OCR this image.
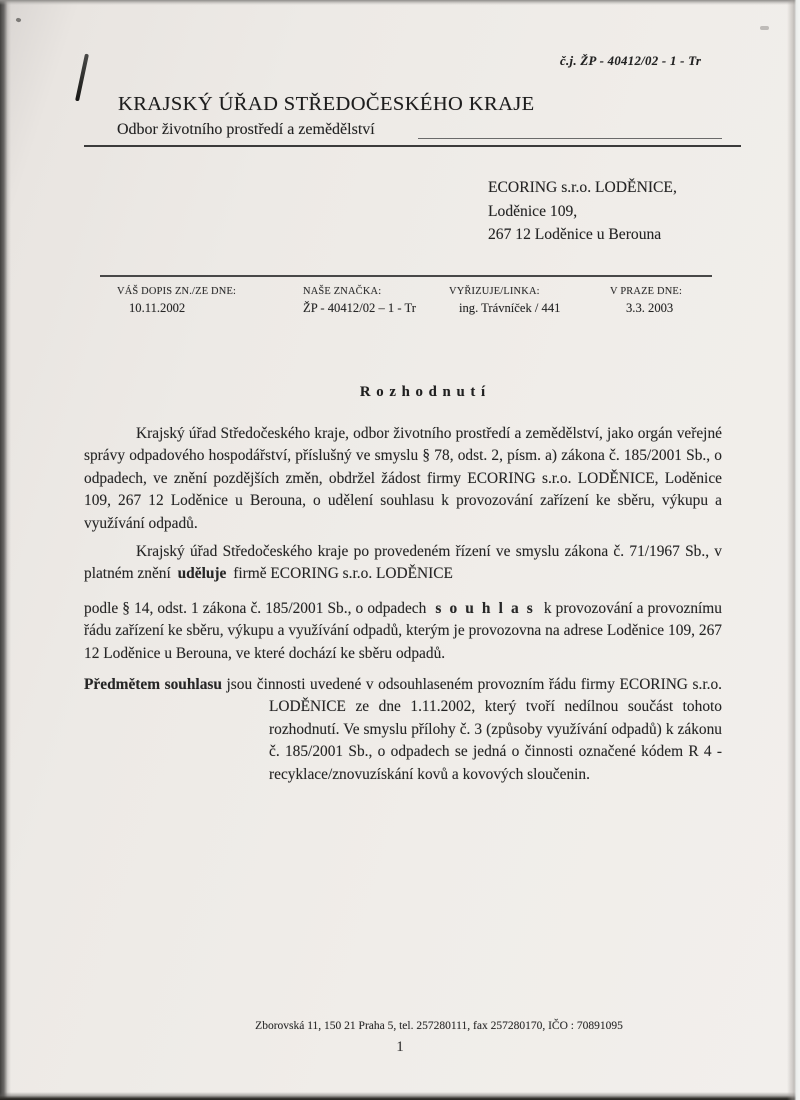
č.j. ŽP - 40412/02 - 1 - Tr
KRAJSKÝ ÚŘAD STŘEDOČESKÉHO KRAJE
Odbor životního prostředí a zemědělství
ECORING s.r.o. LODĚNICE,
Loděnice 109,
267 12 Loděnice u Berouna
VÁŠ DOPIS ZN./ZE DNE:
10.11.2002
NAŠE ZNAČKA:
ŽP - 40412/02 – 1 - Tr
VYŘIZUJE/LINKA:
ing. Trávníček / 441
V PRAZE DNE:
3.3. 2003
R o z h o d n u t í

Krajský úřad Středočeského kraje, odbor životního prostředí a zemědělství, jako orgán veřejné správy odpadového hospodářství, příslušný ve smyslu § 78, odst. 2, písm. a) zákona č. 185/2001 Sb., o odpadech, ve znění pozdějších změn, obdržel žádost firmy ECORING s.r.o. LODĚNICE, Loděnice 109, 267 12 Loděnice u Berouna, o udělení souhlasu k provozování zařízení ke sběru, výkupu a využívání odpadů.

Krajský úřad Středočeského kraje po provedeném řízení ve smyslu zákona č. 71/1967 Sb., v platném znění uděluje firmě ECORING s.r.o. LODĚNICE

podle § 14, odst. 1 zákona č. 185/2001 Sb., o odpadech s o u h l a s k provozování a provoznímu řádu zařízení ke sběru, výkupu a využívání odpadů, kterým je provozovna na adrese Loděnice 109, 267 12 Loděnice u Berouna, ve které dochází ke sběru odpadů.

Předmětem souhlasu jsou činnosti uvedené v odsouhlaseném provozním řádu firmy ECORING s.r.o. LODĚNICE ze dne 1.11.2002, který tvoří nedílnou součást tohoto rozhodnutí. Ve smyslu přílohy č. 3 (způsoby využívání odpadů) k zákonu č. 185/2001 Sb., o odpadech se jedná o činnosti označené kódem R 4 - recyklace/znovuzískání kovů a kovových sloučenin.

Zborovská 11, 150 21 Praha 5, tel. 257280111, fax 257280170, IČO : 70891095
1
